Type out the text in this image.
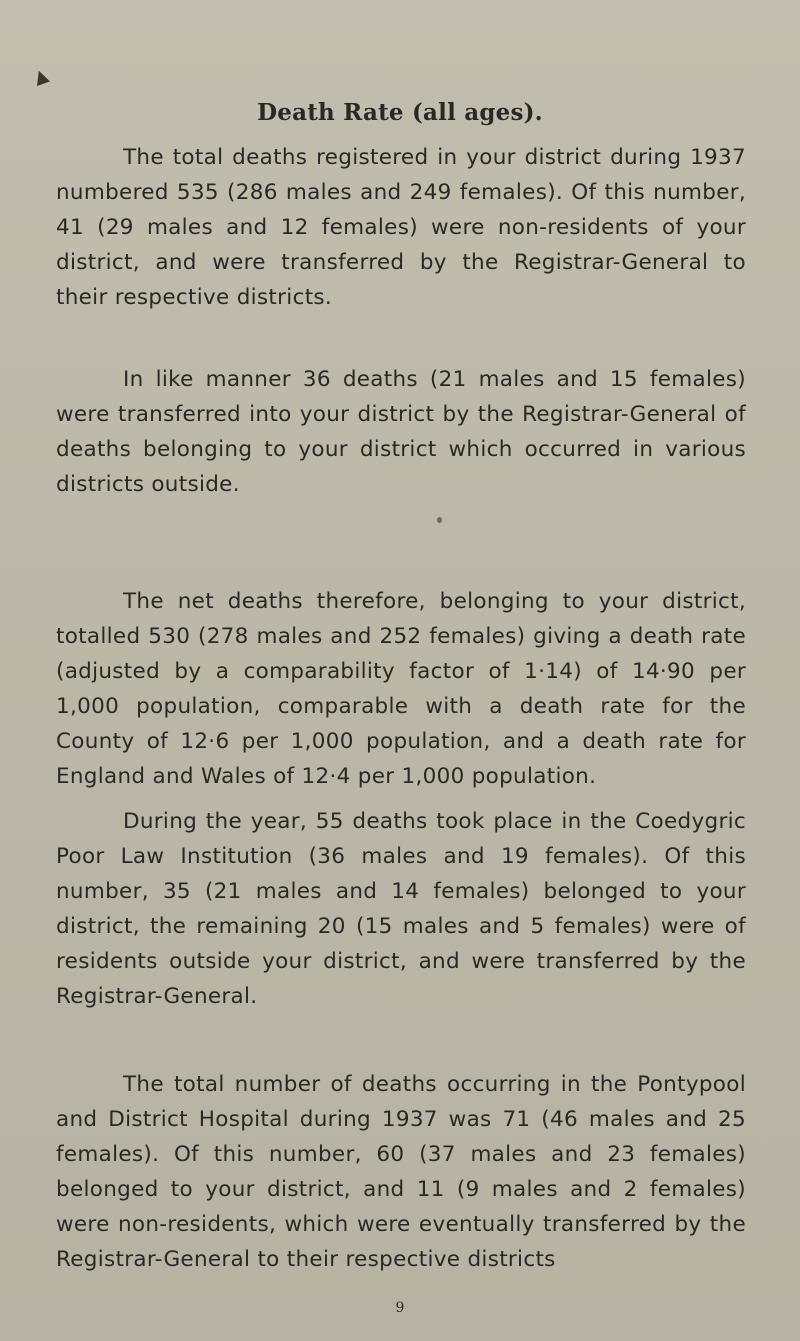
▲
Death Rate (all ages).

The total deaths registered in your district during 1937 numbered 535 (286 males and 249 females). Of this number, 41 (29 males and 12 females) were non-residents of your district, and were transferred by the Registrar-General to their respective districts.

In like manner 36 deaths (21 males and 15 females) were transferred into your district by the Registrar-General of deaths belonging to your district which occurred in various districts outside.

The net deaths therefore, belonging to your district, totalled 530 (278 males and 252 females) giving a death rate (adjusted by a comparability factor of 1·14) of 14·90 per 1,000 population, comparable with a death rate for the County of 12·6 per 1,000 population, and a death rate for England and Wales of 12·4 per 1,000 population.

During the year, 55 deaths took place in the Coedygric Poor Law Institution (36 males and 19 females). Of this number, 35 (21 males and 14 females) belonged to your district, the remaining 20 (15 males and 5 females) were of residents outside your district, and were transferred by the Registrar-General.

The total number of deaths occurring in the Pontypool and District Hospital during 1937 was 71 (46 males and 25 females). Of this number, 60 (37 males and 23 females) belonged to your district, and 11 (9 males and 2 females) were non-residents, which were eventually transferred by the Registrar-General to their respective districts

9
